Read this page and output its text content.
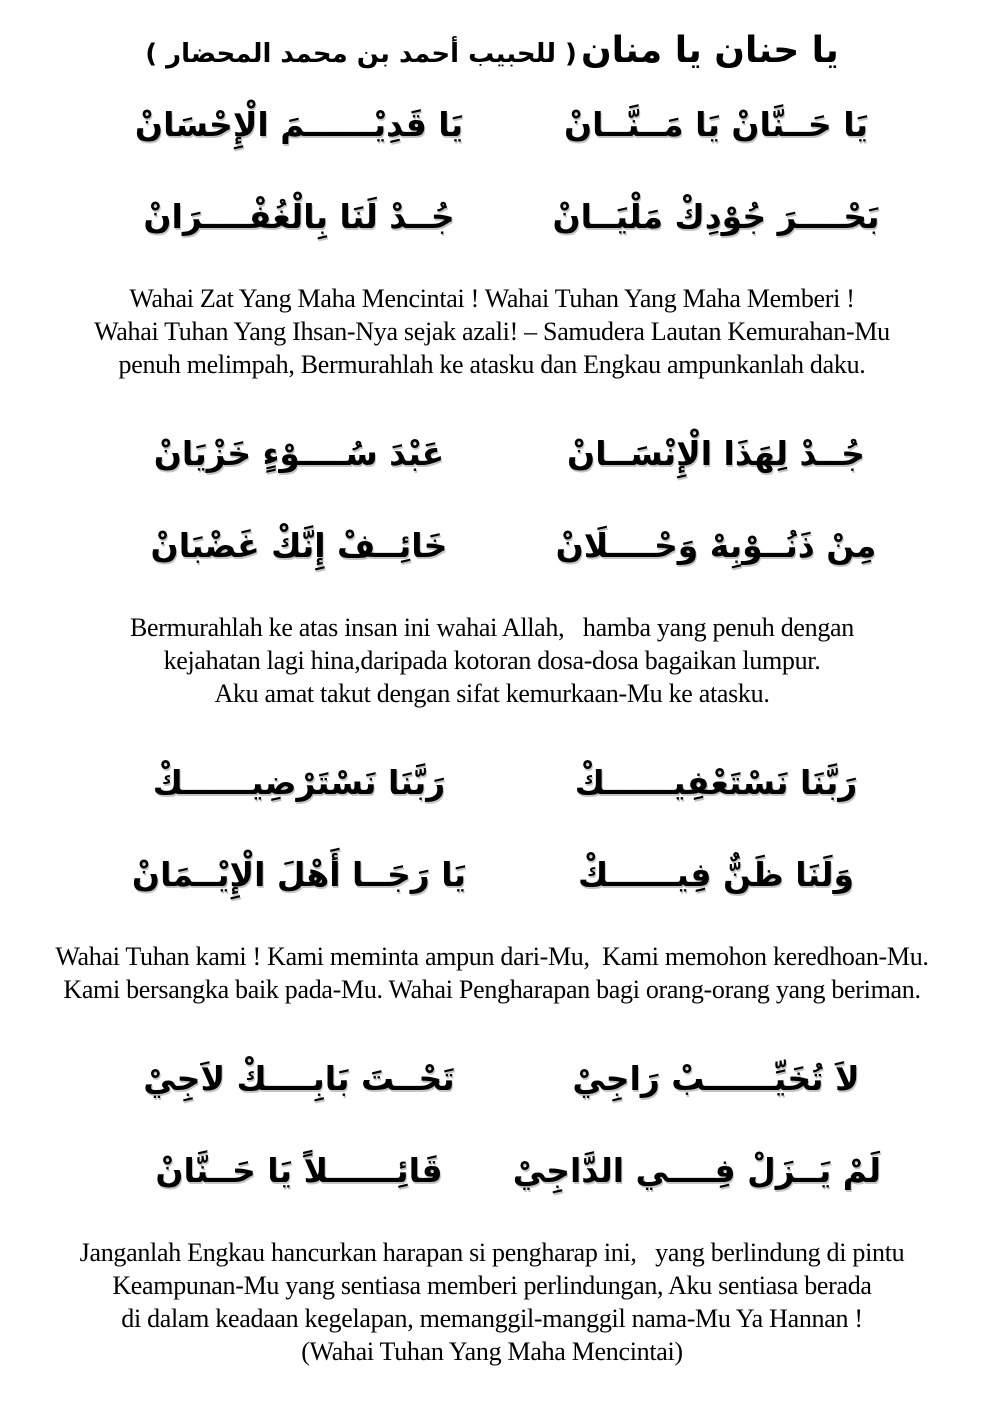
يا حنان يا منان ( للحبيب أحمد بن محمد المحضار )
يَا حَــنَّانْ يَا مَــنَّــانْ
يَا قَدِيْــــــمَ الْإِحْسَانْ
بَحْــــرَ جُوْدِكْ مَلْيَــانْ
جُــدْ لَنَا بِالْغُفْــــرَانْ
Wahai Zat Yang Maha Mencintai ! Wahai Tuhan Yang Maha Memberi !
Wahai Tuhan Yang Ihsan-Nya sejak azali! – Samudera Lautan Kemurahan-Mu
penuh melimpah, Bermurahlah ke atasku dan Engkau ampunkanlah daku.
جُــدْ لِهَذَا الْإِنْسَــانْ
عَبْدَ سُــــوْءٍ خَزْيَانْ
مِنْ ذَنُــوْبِهْ وَحْــــلَانْ
خَائِــفْ إِنَّكْ غَضْبَانْ
Bermurahlah ke atas insan ini wahai Allah,   hamba yang penuh dengan
kejahatan lagi hina,daripada kotoran dosa-dosa bagaikan lumpur.
Aku amat takut dengan sifat kemurkaan-Mu ke atasku.
رَبَّنَا نَسْتَعْفِيــــــكْ
رَبَّنَا نَسْتَرْضِيــــــكْ
وَلَنَا ظَنٌّ فِيــــــكْ
يَا رَجَــا أَهْلَ الْإِيْــمَانْ
Wahai Tuhan kami ! Kami meminta ampun dari-Mu,  Kami memohon keredhoan-Mu.
Kami bersangka baik pada-Mu. Wahai Pengharapan bagi orang-orang yang beriman.
لاَ تُخَيِّــــــبْ رَاجِيْ
تَحْــتَ بَابِــــكْ لاَجِيْ
لَمْ يَــزَلْ فِــــي الدَّاجِيْ
قَائِــــــلاً يَا حَــنَّانْ
Janganlah Engkau hancurkan harapan si pengharap ini,   yang berlindung di pintu
Keampunan-Mu yang sentiasa memberi perlindungan, Aku sentiasa berada
di dalam keadaan kegelapan, memanggil-manggil nama-Mu Ya Hannan !
(Wahai Tuhan Yang Maha Mencintai)
